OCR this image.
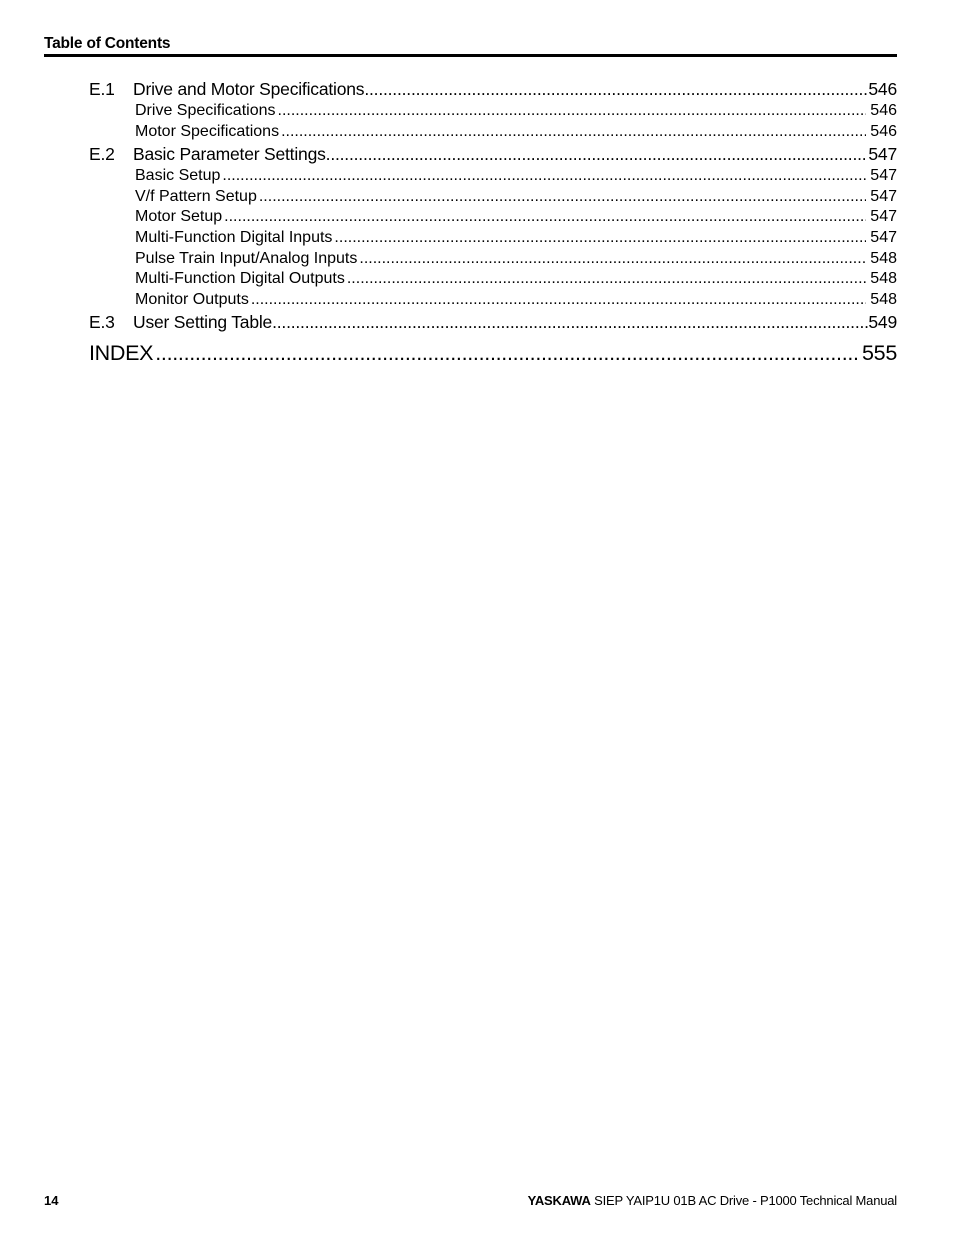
Table of Contents
E.1	Drive and Motor Specifications .....	546
Drive Specifications .....	546
Motor Specifications .....	546
E.2	Basic Parameter Settings .....	547
Basic Setup .....	547
V/f Pattern Setup .....	547
Motor Setup .....	547
Multi-Function Digital Inputs .....	547
Pulse Train Input/Analog Inputs .....	548
Multi-Function Digital Outputs .....	548
Monitor Outputs .....	548
E.3	User Setting Table .....	549
INDEX .....	555
14	YASKAWA SIEP YAIP1U 01B AC Drive - P1000 Technical Manual
